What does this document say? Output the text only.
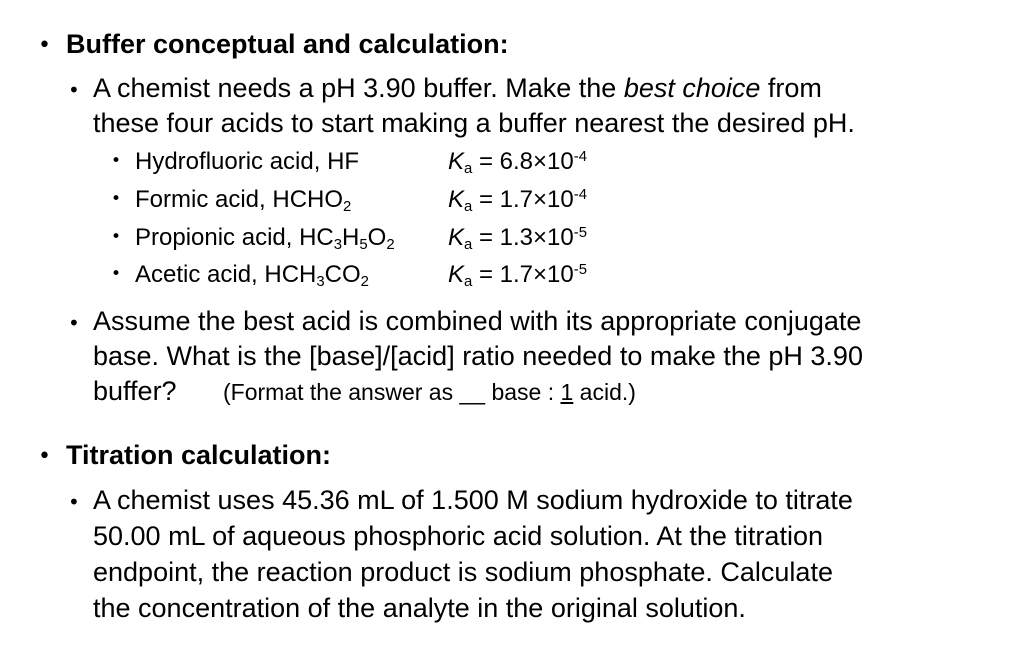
• Buffer conceptual and calculation:
• A chemist needs a pH 3.90 buffer. Make the best choice from
these four acids to start making a buffer nearest the desired pH.
• Hydrofluoric acid, HF	$K_a = 6.8\times 10^{-4}$
• Formic acid, $HCHO_2$	$K_a = 1.7\times 10^{-4}$
• Propionic acid, $HC_3H_5O_2$ $K_a = 1.3\times 10^{-5}$
• Acetic acid, $HCH_3CO_2$	$K_a = 1.7\times 10^{-5}$
• Assume the best acid is combined with its appropriate conjugate
base. What is the [base]/[acid] ratio needed to make the pH 3.90
buffer? (Format the answer as __ base : 1 acid.)
• Titration calculation:
• A chemist uses 45.36 mL of 1.500 M sodium hydroxide to titrate
50.00 mL of aqueous phosphoric acid solution. At the titration
endpoint, the reaction product is sodium phosphate. Calculate
the concentration of the analyte in the original solution.
